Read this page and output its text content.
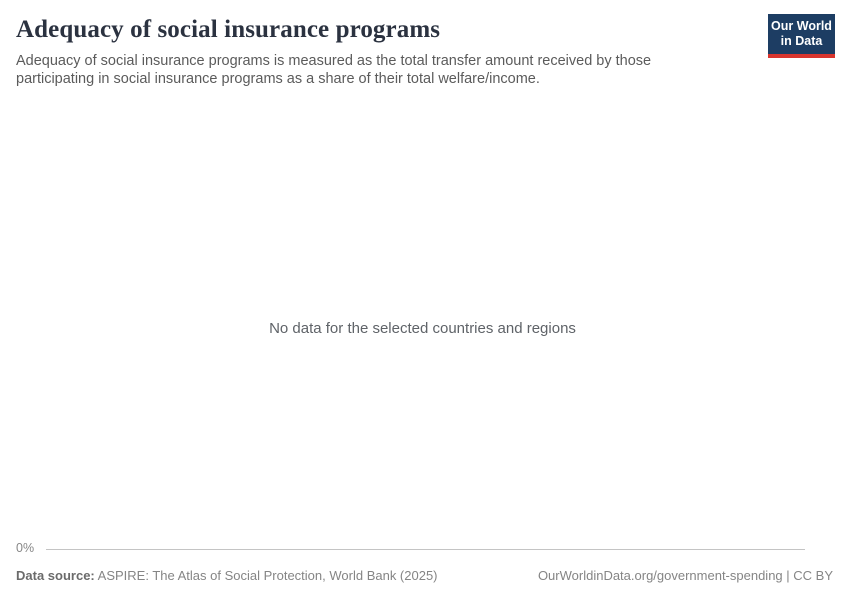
Adequacy of social insurance programs

Adequacy of social insurance programs is measured as the total transfer amount received by those participating in social insurance programs as a share of their total welfare/income.

Our World
in Data
No data for the selected countries and regions
0%
Data source: ASPIRE: The Atlas of Social Protection, World Bank (2025)	OurWorldinData.org/government-spending | CC BY
